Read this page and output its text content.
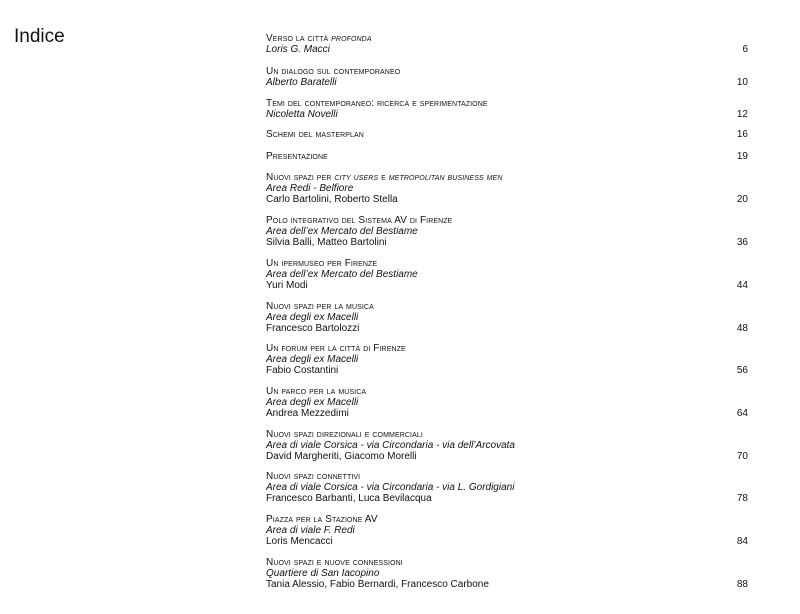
Indice	Verso la città profonda
Loris G. Macci	6
Un dialogo sul contemporaneo
Alberto Baratelli	10
Temi del contemporaneo: ricerca e sperimentazione
Nicoletta Novelli	12
Schemi del masterplan	16
Presentazione	19
Nuovi spazi per city users e metropolitan business men
Area Redi - Belfiore
Carlo Bartolini, Roberto Stella	20
Polo integrativo del Sistema AV di Firenze
Area dell’ex Mercato del Bestiame
Silvia Balli, Matteo Bartolini	36
Un ipermuseo per Firenze
Area dell’ex Mercato del Bestiame
Yuri Modi	44
Nuovi spazi per la musica
Area degli ex Macelli
Francesco Bartolozzi	48
Un forum per la città di Firenze
Area degli ex Macelli
Fabio Costantini	56
Un parco per la musica
Area degli ex Macelli
Andrea Mezzedimi	64
Nuovi spazi direzionali e commerciali
Area di viale Corsica - via Circondaria - via dell’Arcovata
David Margheriti, Giacomo Morelli	70
Nuovi spazi connettivi
Area di viale Corsica - via Circondaria - via L. Gordigiani
Francesco Barbanti, Luca Bevilacqua	78
Piazza per la Stazione AV
Area di viale F. Redi
Loris Mencacci	84
Nuovi spazi e nuove connessioni
Quartiere di San Iacopino
Tania Alessio, Fabio Bernardi, Francesco Carbone	88
